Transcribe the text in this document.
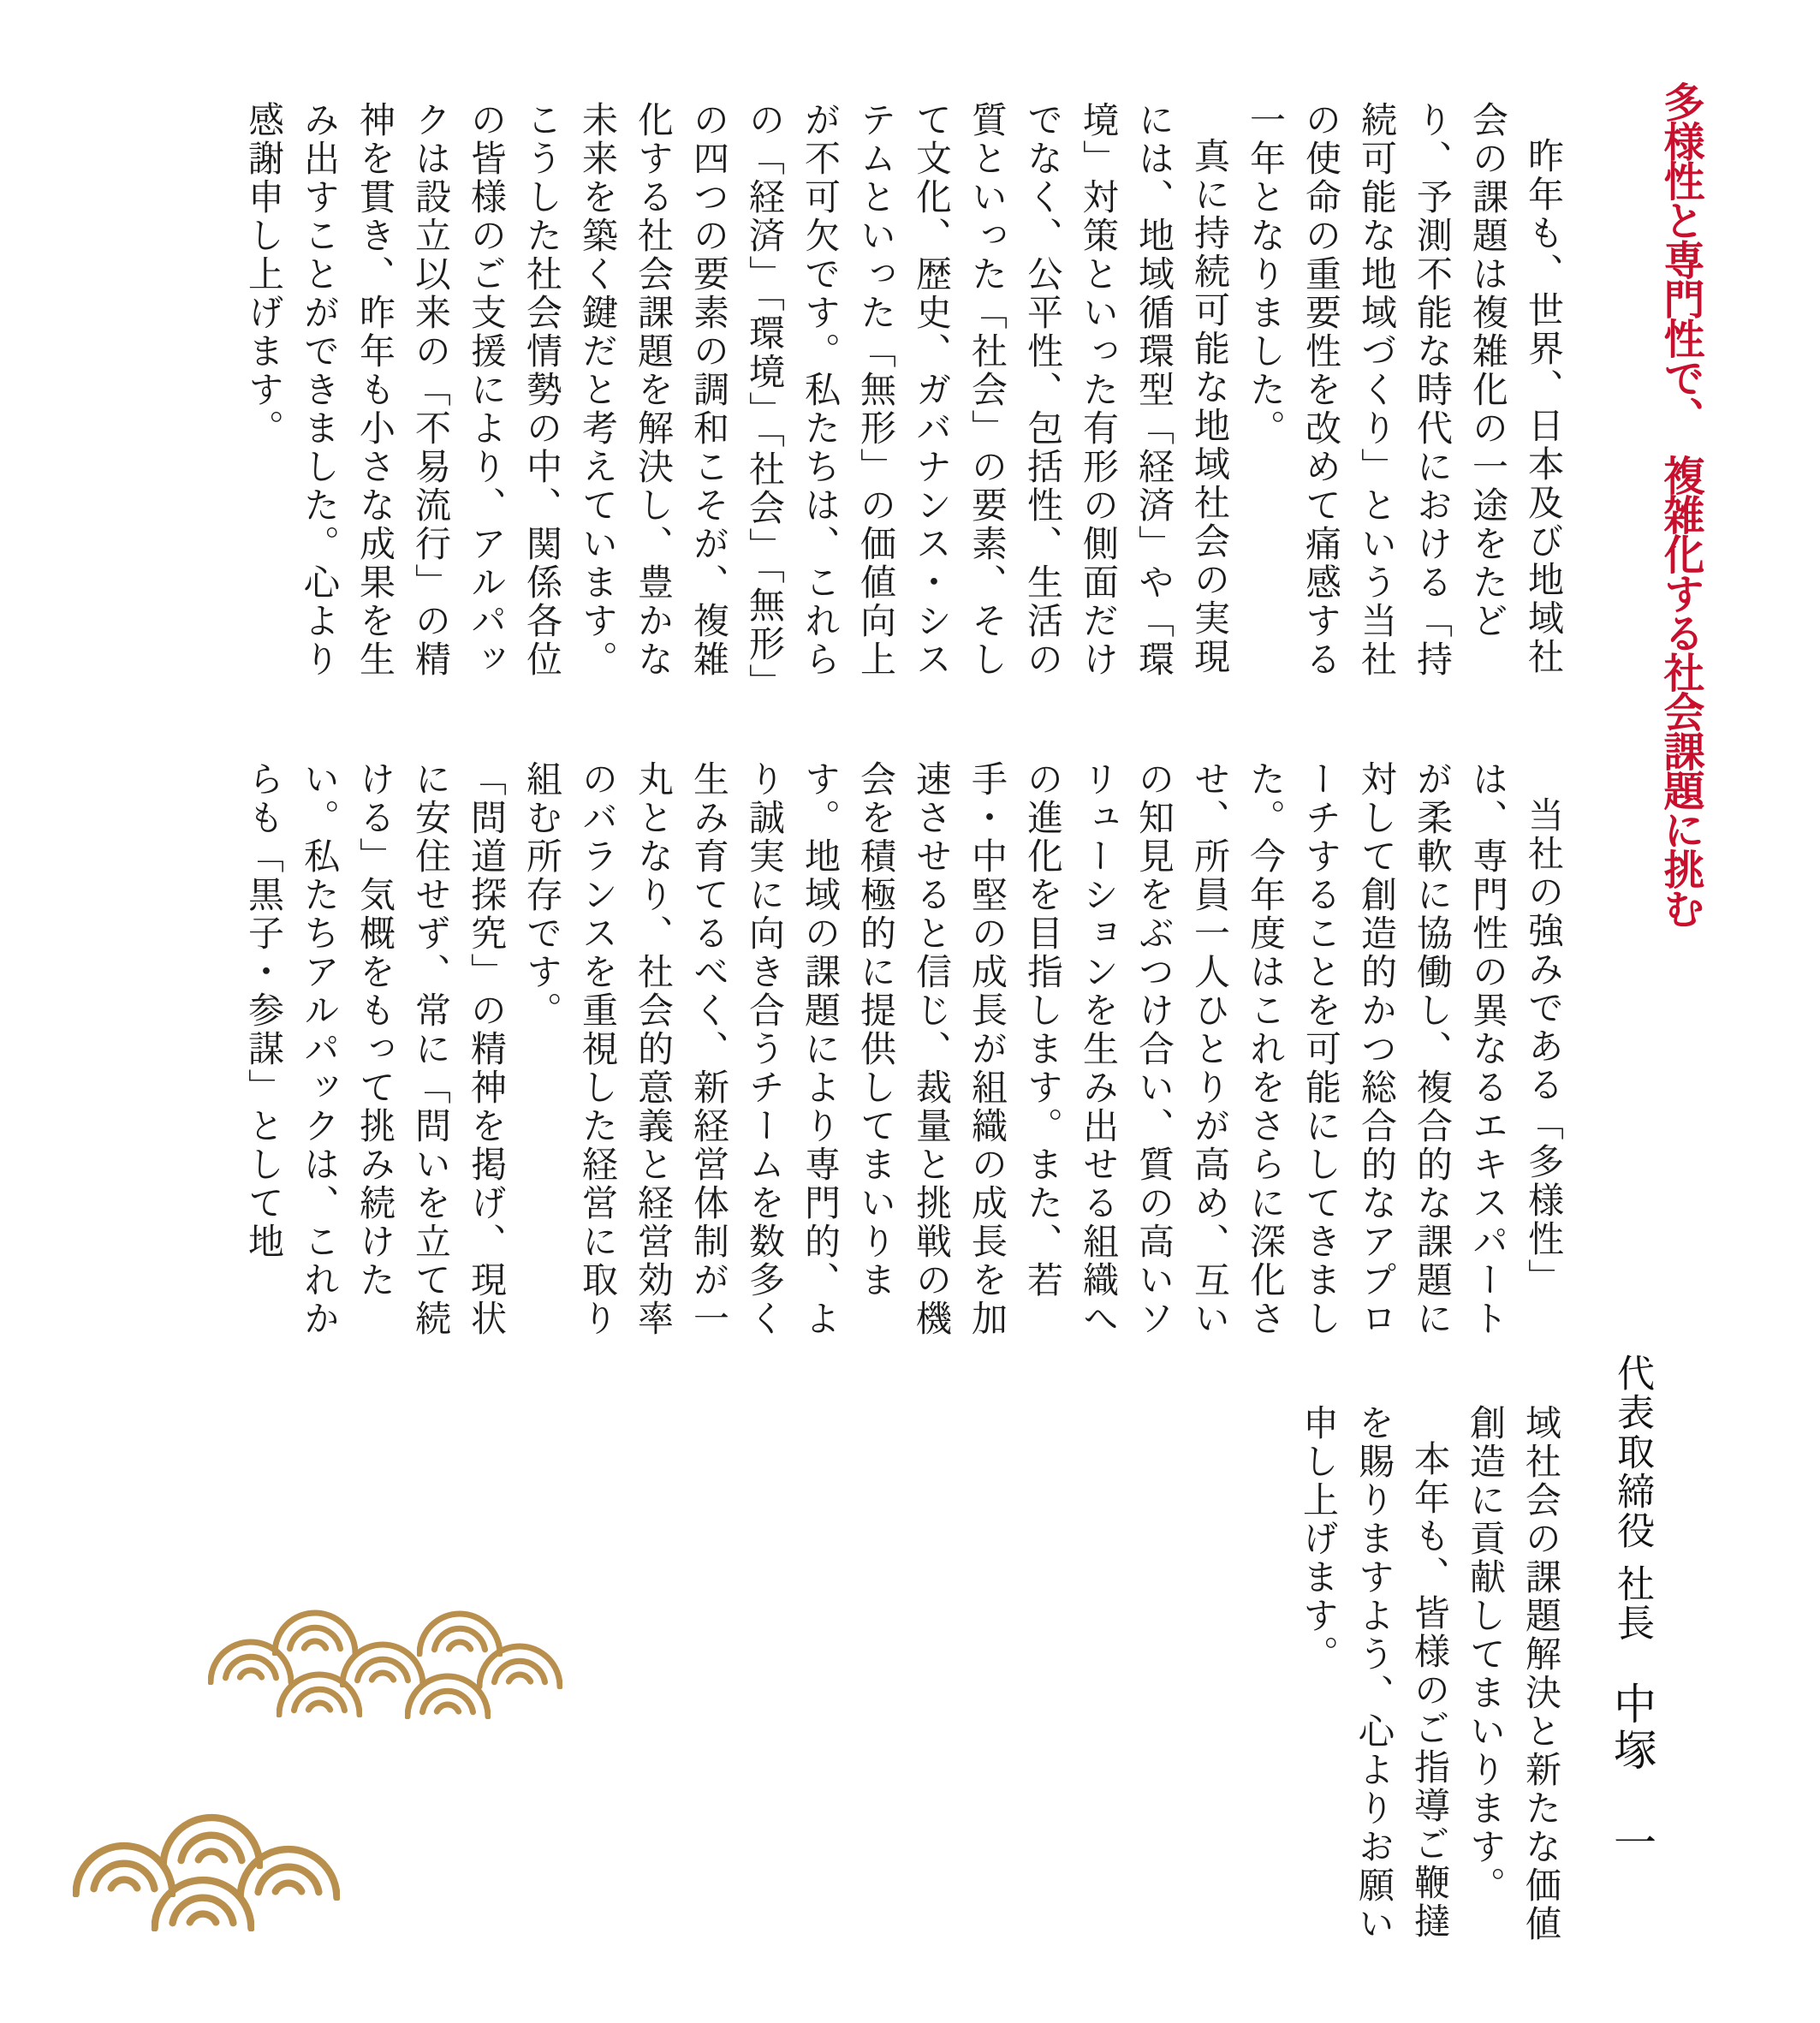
多様性と専門性で、　複雑化する社会課題に挑む

昨年も、世界、日本及び地域社会の課題は複雑化の一途をたどり、予測不能な時代における「持続可能な地域づくり」という当社の使命の重要性を改めて痛感する一年となりました。

真に持続可能な地域社会の実現には、地域循環型「経済」や「環境」対策といった有形の側面だけでなく、公平性、包括性、生活の質といった「社会」の要素、そして文化、歴史、ガバナンス・システムといった「無形」の価値向上が不可欠です。私たちは、これらの「経済」「環境」「社会」「無形」の四つの要素の調和こそが、複雑化する社会課題を解決し、豊かな未来を築く鍵だと考えています。こうした社会情勢の中、関係各位の皆様のご支援により、アルパックは設立以来の「不易流行」の精神を貫き、昨年も小さな成果を生み出すことができました。心より感謝申し上げます。

当社の強みである「多様性」は、専門性の異なるエキスパートが柔軟に協働し、複合的な課題に対して創造的かつ総合的なアプローチすることを可能にしてきました。今年度はこれをさらに深化させ、所員一人ひとりが高め、互いの知見をぶつけ合い、質の高いソリューションを生み出せる組織への進化を目指します。また、若手・中堅の成長が組織の成長を加速させると信じ、裁量と挑戦の機会を積極的に提供してまいります。地域の課題により専門的、より誠実に向き合うチームを数多く生み育てるべく、新経営体制が一丸となり、社会的意義と経営効率のバランスを重視した経営に取り組む所存です。

「問道探究」の精神を掲げ、現状に安住せず、常に「問いを立て続ける」気概をもって挑み続けたい。私たちアルパックは、これからも「黒子・参謀」として地

域社会の課題解決と新たな価値創造に貢献してまいります。

本年も、皆様のご指導ご鞭撻を賜りますよう、心よりお願い申し上げます。	代表取締役 社長中塚　一
